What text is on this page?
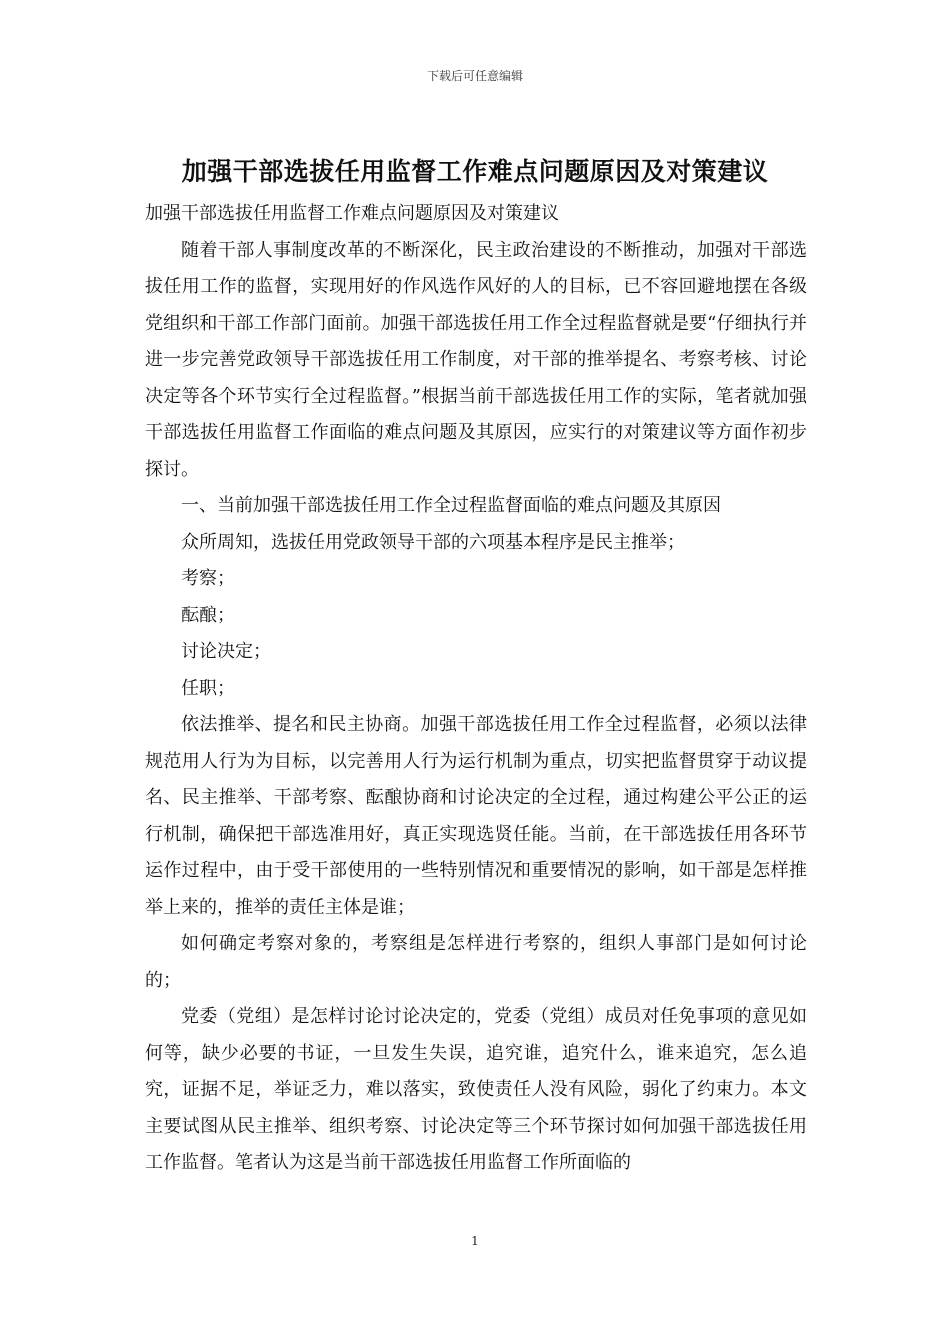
下载后可任意编辑
加强干部选拔任用监督工作难点问题原因及对策建议

加强干部选拔任用监督工作难点问题原因及对策建议

随着干部人事制度改革的不断深化，民主政治建设的不断推动，加强对干部选拔任用工作的监督，实现用好的作风选作风好的人的目标，已不容回避地摆在各级党组织和干部工作部门面前。加强干部选拔任用工作全过程监督就是要“仔细执行并进一步完善党政领导干部选拔任用工作制度，对干部的推举提名、考察考核、讨论决定等各个环节实行全过程监督。”根据当前干部选拔任用工作的实际，笔者就加强干部选拔任用监督工作面临的难点问题及其原因，应实行的对策建议等方面作初步探讨。

一、当前加强干部选拔任用工作全过程监督面临的难点问题及其原因

众所周知，选拔任用党政领导干部的六项基本程序是民主推举；

考察；

酝酿；

讨论决定；

任职；

依法推举、提名和民主协商。加强干部选拔任用工作全过程监督，必须以法律规范用人行为为目标，以完善用人行为运行机制为重点，切实把监督贯穿于动议提名、民主推举、干部考察、酝酿协商和讨论决定的全过程，通过构建公平公正的运行机制，确保把干部选准用好，真正实现选贤任能。当前，在干部选拔任用各环节运作过程中，由于受干部使用的一些特别情况和重要情况的影响，如干部是怎样推举上来的，推举的责任主体是谁；

如何确定考察对象的，考察组是怎样进行考察的，组织人事部门是如何讨论的；

党委（党组）是怎样讨论讨论决定的，党委（党组）成员对任免事项的意见如何等，缺少必要的书证，一旦发生失误，追究谁，追究什么，谁来追究，怎么追究，证据不足，举证乏力，难以落实，致使责任人没有风险，弱化了约束力。本文主要试图从民主推举、组织考察、讨论决定等三个环节探讨如何加强干部选拔任用工作监督。笔者认为这是当前干部选拔任用监督工作所面临的

1
